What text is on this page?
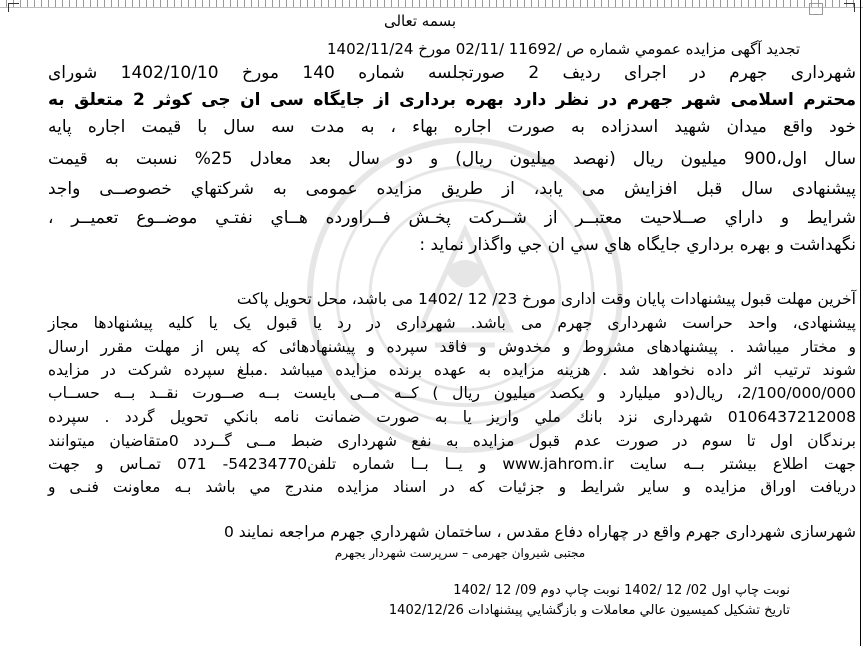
بسمه تعالی
تجدید آگهی مزایده عمومي شماره ص /11692 /02/11 مورخ 1402/11/24
شهرداری جهرم در اجرای ردیف 2 صورتجلسه شماره 140 مورخ 1402/10/10 شورای
محترم اسلامی شهر جهرم در نظر دارد بهره برداری از جایگاه سی ان جی کوثر 2 متعلق به
خود واقع میدان شهید اسدزاده به صورت اجاره بهاء ، به مدت سه سال با قیمت اجاره پایه
سال اول،900 میلیون ریال (نهصد میلیون ریال) و دو سال بعد معادل 25% نسبت به قیمت
پیشنهادی سال قبل افزایش می یابد، از طریق مزایده عمومی به شرکتهاي خصوصــی واجد
شرایط و داراي صــلاحیت معتبــر از شــرکت پخـش فــراورده هــاي نفتـي موضــوع تعمیــر ،
نگهداشت و بهره برداري جايگاه هاي سي ان جي واگذار نماید :
آخرین مهلت قبول پیشنهادات پایان وقت اداری مورخ 23/ 12 /1402 می باشد، محل تحویل پاکت
پیشنهادی، واحد حراست شهرداری جهرم می باشد. شهرداری در رد یا قبول یک یا کلیه پیشنهادها مجاز
و مختار میباشد . پیشنهادهای مشروط و مخدوش و فاقد سپرده و پیشنهادهائی که پس از مهلت مقرر ارسال
شوند ترتیب اثر داده نخواهد شد . هزینه مزایده به عهده برنده مزایده میباشد .مبلغ سپرده شرکت در مزایده
2/100/000/000، ریال(دو میلیارد و یکصد میلیون ریال ) کــه مــی بایست بــه صــورت نقــد بــه حســاب
0106437212008 شهرداری نزد بانك ملي واريز يا به صورت ضمانت نامه بانكي تحويل گردد . سپرده
برندگان اول تا سوم در صورت عدم قبول مزایده به نفع شهرداری ضبط مــی گــردد 0متقاضيان ميتوانند
جهت اطلاع بیشتر بــه سایت www.jahrom.ir و یــا بــا شماره تلفن54234770- 071 تمـاس و جهت
دریافت اوراق مزایده و سایر شرایط و جزئیات که در اسناد مزایده مندرج مي باشد بـه معاونت فنـی و
شهرسازی شهرداری جهرم واقع در چهاراه دفاع مقدس ، ساختمان شهرداري جهرم مراجعه نمايند 0
مجتبی شیروان جهرمی – سرپرست شهردار یجهرم
نوبت چاپ اول 02/ 12 /1402 نوبت چاپ دوم 09/ 12 /1402
تاریخ تشکیل کمیسیون عالي معاملات و بازگشايي پيشنهادات 1402/12/26
